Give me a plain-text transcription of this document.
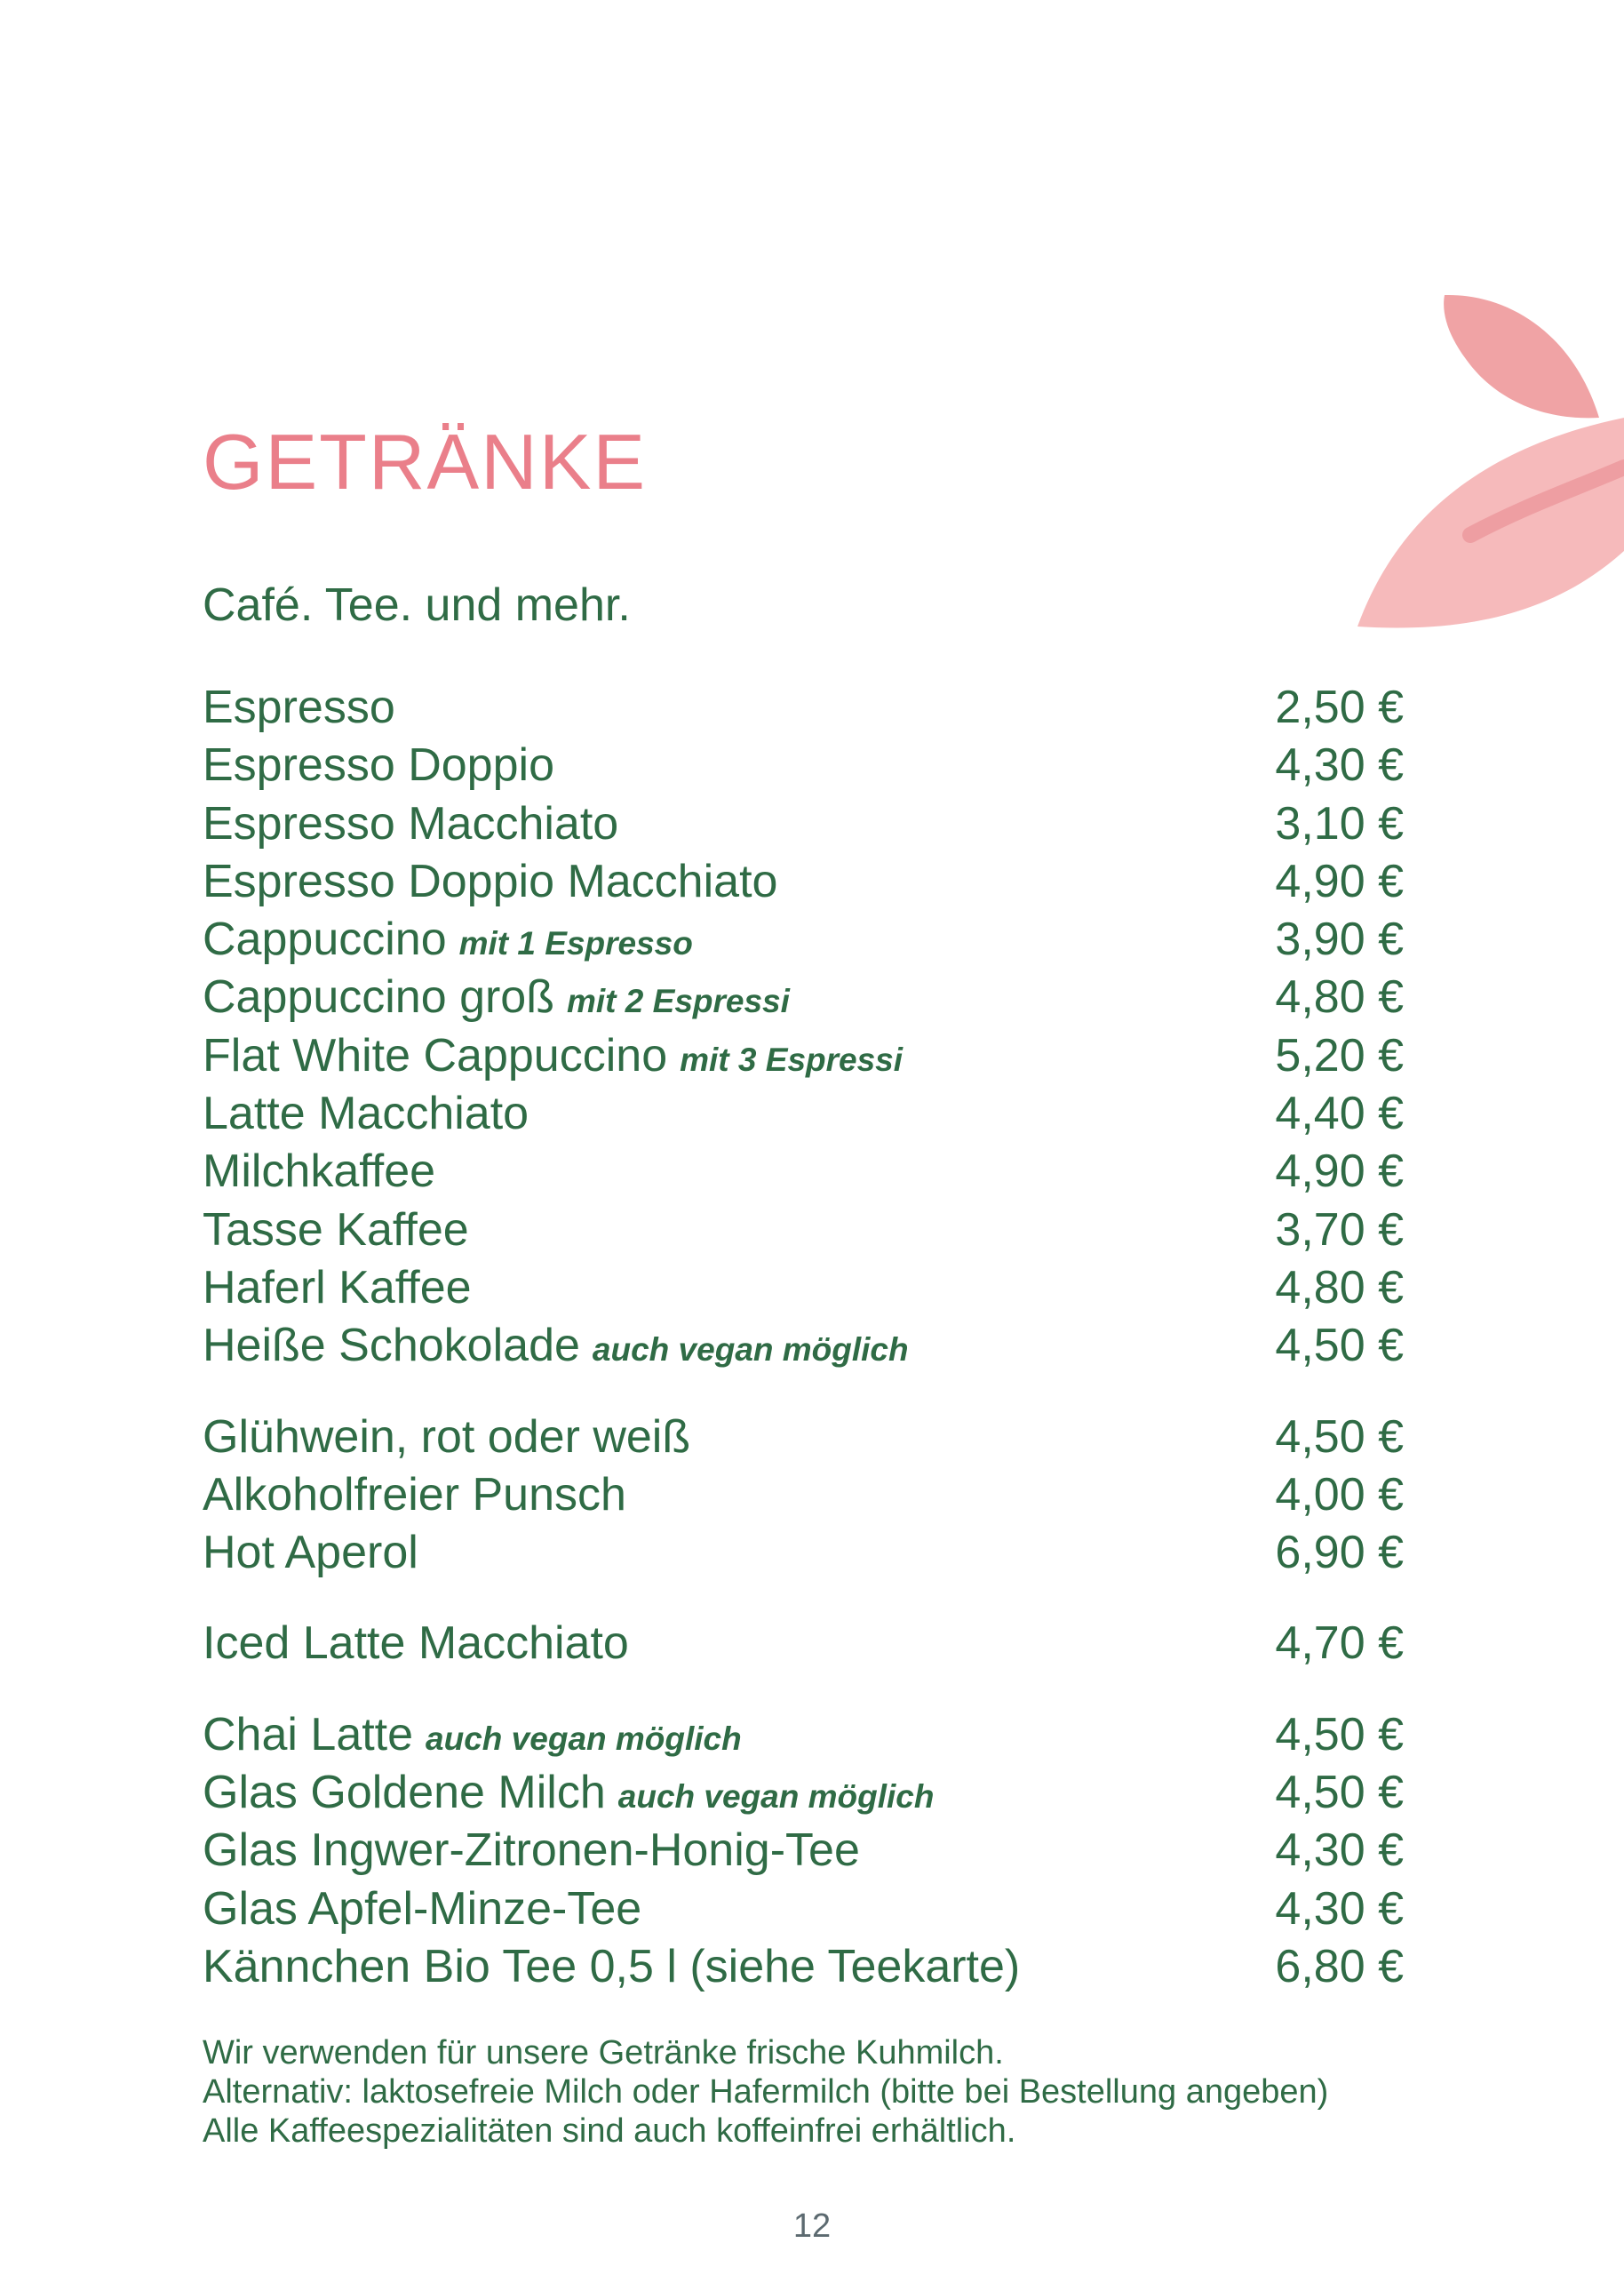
GETRÄNKE
Café. Tee. und mehr.
Espresso	2,50 €
Espresso Doppio	4,30 €
Espresso Macchiato	3,10 €
Espresso Doppio Macchiato	4,90 €
Cappuccino mit 1 Espresso	3,90 €
Cappuccino groß mit 2 Espressi	4,80 €
Flat White Cappuccino mit 3 Espressi	5,20 €
Latte Macchiato	4,40 €
Milchkaffee	4,90 €
Tasse Kaffee	3,70 €
Haferl Kaffee	4,80 €
Heiße Schokolade auch vegan möglich	4,50 €
Glühwein, rot oder weiß	4,50 €
Alkoholfreier Punsch	4,00 €
Hot Aperol	6,90 €
Iced Latte Macchiato	4,70 €
Chai Latte auch vegan möglich	4,50 €
Glas Goldene Milch auch vegan möglich	4,50 €
Glas Ingwer-Zitronen-Honig-Tee	4,30 €
Glas Apfel-Minze-Tee	4,30 €
Kännchen Bio Tee 0,5 l (siehe Teekarte)	6,80 €
Wir verwenden für unsere Getränke frische Kuhmilch.
Alternativ: laktosefreie Milch oder Hafermilch (bitte bei Bestellung angeben)
Alle Kaffeespezialitäten sind auch koffeinfrei erhältlich.
12
